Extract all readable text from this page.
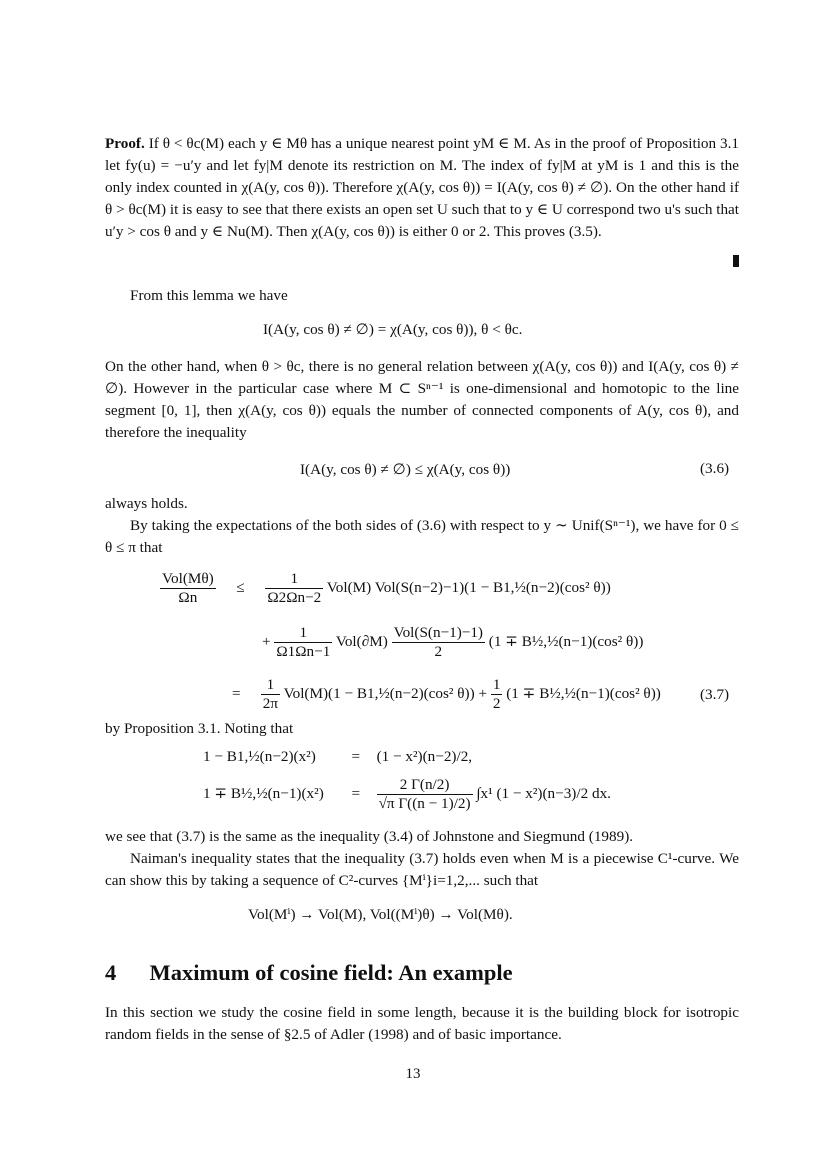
Proof. If θ < θc(M) each y ∈ Mθ has a unique nearest point yM ∈ M. As in the proof of Proposition 3.1 let fy(u) = −u′y and let fy|M denote its restriction on M. The index of fy|M at yM is 1 and this is the only index counted in χ(A(y, cos θ)). Therefore χ(A(y, cos θ)) = I(A(y, cos θ) ≠ ∅). On the other hand if θ > θc(M) it is easy to see that there exists an open set U such that to y ∈ U correspond two u's such that u′y > cos θ and y ∈ Nu(M). Then χ(A(y, cos θ)) is either 0 or 2. This proves (3.5).
From this lemma we have
I(A(y, cos θ) ≠ ∅) = χ(A(y, cos θ)), θ < θc.
On the other hand, when θ > θc, there is no general relation between χ(A(y, cos θ)) and I(A(y, cos θ) ≠ ∅). However in the particular case where M ⊂ Sⁿ⁻¹ is one-dimensional and homotopic to the line segment [0, 1], then χ(A(y, cos θ)) equals the number of connected components of A(y, cos θ), and therefore the inequality
I(A(y, cos θ) ≠ ∅) ≤ χ(A(y, cos θ))	(3.6)
always holds.
By taking the expectations of the both sides of (3.6) with respect to y ∼ Unif(Sⁿ⁻¹), we have for 0 ≤ θ ≤ π that
$\frac{\text{Vol(Mθ)}}{\Omega n} \le \frac{1}{\Omega 2\Omega n-2} Vol(M) Vol(S(n-2)-1)(1$ − B1,½(n−2)(cos² θ))
+ $\frac{1}{\Omega 1\Omega n-1} Vol(\partial M) \frac{\text{Vol(S(n−1)−1)}}{2} (1$ ∓ B½,½(n−1)(cos² θ))
= $\frac{1}{2\pi} Vol(M)(1$ − B1,½(n−2)(cos² $\theta)) + \frac{1}{2} (1$ ∓ B½,½(n−1)(cos² θ))	(3.7)
by Proposition 3.1. Noting that
1 − B1,½(n−2)(x²) = (1 − x²)(n−2)/2,
1 ∓ B½,½(n−1)(x²) = $\frac{2 \Gamma(n/2)}{\text{√π Γ((n − 1)/2)}} \int x^1$ (1 − x²)(n−3)/2 dx.
we see that (3.7) is the same as the inequality (3.4) of Johnstone and Siegmund (1989).
Naiman's inequality states that the inequality (3.7) holds even when M is a piecewise C¹-curve. We can show this by taking a sequence of C²-curves {Mⁱ}i=1,2,... such that
Vol(Mⁱ) → Vol(M), Vol((Mⁱ)θ) → Vol(Mθ).
4 Maximum of cosine field: An example
In this section we study the cosine field in some length, because it is the building block for isotropic random fields in the sense of §2.5 of Adler (1998) and of basic importance.
13
